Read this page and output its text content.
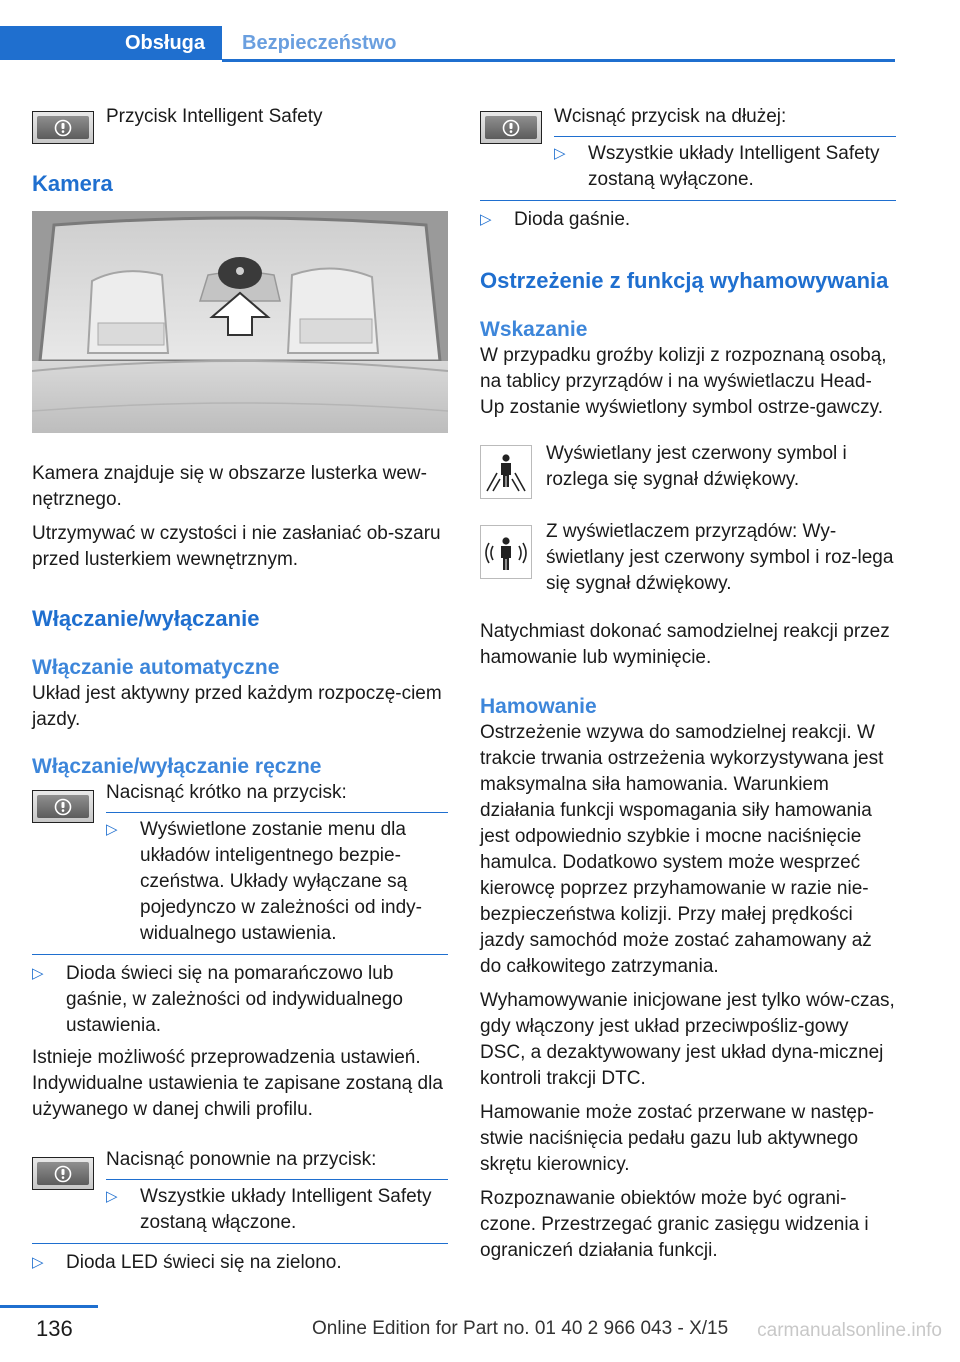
Obsługa	Bezpieczeństwo

Przycisk Intelligent Safety

Kamera

Kamera znajduje się w obszarze lusterka wew-nętrznego.

Utrzymywać w czystości i nie zasłaniać ob-szaru przed lusterkiem wewnętrznym.

Włączanie/wyłączanie
Włączanie automatyczne

Układ jest aktywny przed każdym rozpoczę-ciem jazdy.

Włączanie/wyłączanie ręczne

Nacisnąć krótko na przycisk:

▷ Wyświetlone zostanie menu dla układów inteligentnego bezpie-czeństwa. Układy wyłączane są pojedynczo w zależności od indy-widualnego ustawienia.
▷ Dioda świeci się na pomarańczowo lub gaśnie, w zależności od indywidualnego ustawienia.

Istnieje możliwość przeprowadzenia ustawień. Indywidualne ustawienia te zapisane zostaną dla używanego w danej chwili profilu.

Nacisnąć ponownie na przycisk:

▷ Wszystkie układy Intelligent Safety zostaną włączone.
▷ Dioda LED świeci się na zielono.

Wcisnąć przycisk na dłużej:

▷ Wszystkie układy Intelligent Safety zostaną wyłączone.
▷ Dioda gaśnie.
Ostrzeżenie z funkcją wyhamowywania
Wskazanie

W przypadku groźby kolizji z rozpoznaną osobą, na tablicy przyrządów i na wyświetlaczu Head-Up zostanie wyświetlony symbol ostrze-gawczy.

Wyświetlany jest czerwony symbol i rozlega się sygnał dźwiękowy.

Z wyświetlaczem przyrządów: Wy-świetlany jest czerwony symbol i roz-lega się sygnał dźwiękowy.

Natychmiast dokonać samodzielnej reakcji przez hamowanie lub wyminięcie.

Hamowanie

Ostrzeżenie wzywa do samodzielnej reakcji. W trakcie trwania ostrzeżenia wykorzystywana jest maksymalna siła hamowania. Warunkiem działania funkcji wspomagania siły hamowania jest odpowiednio szybkie i mocne naciśnięcie hamulca. Dodatkowo system może wesprzeć kierowcę poprzez przyhamowanie w razie nie-bezpieczeństwa kolizji. Przy małej prędkości jazdy samochód może zostać zahamowany aż do całkowitego zatrzymania.

Wyhamowywanie inicjowane jest tylko wów-czas, gdy włączony jest układ przeciwpośliz-gowy DSC, a dezaktywowany jest układ dyna-micznej kontroli trakcji DTC.

Hamowanie może zostać przerwane w następ-stwie naciśnięcia pedału gazu lub aktywnego skrętu kierownicy.

Rozpoznawanie obiektów może być ograni-czone. Przestrzegać granic zasięgu widzenia i ograniczeń działania funkcji.

136	Online Edition for Part no. 01 40 2 966 043 - X/15 carmanualsonline.info
